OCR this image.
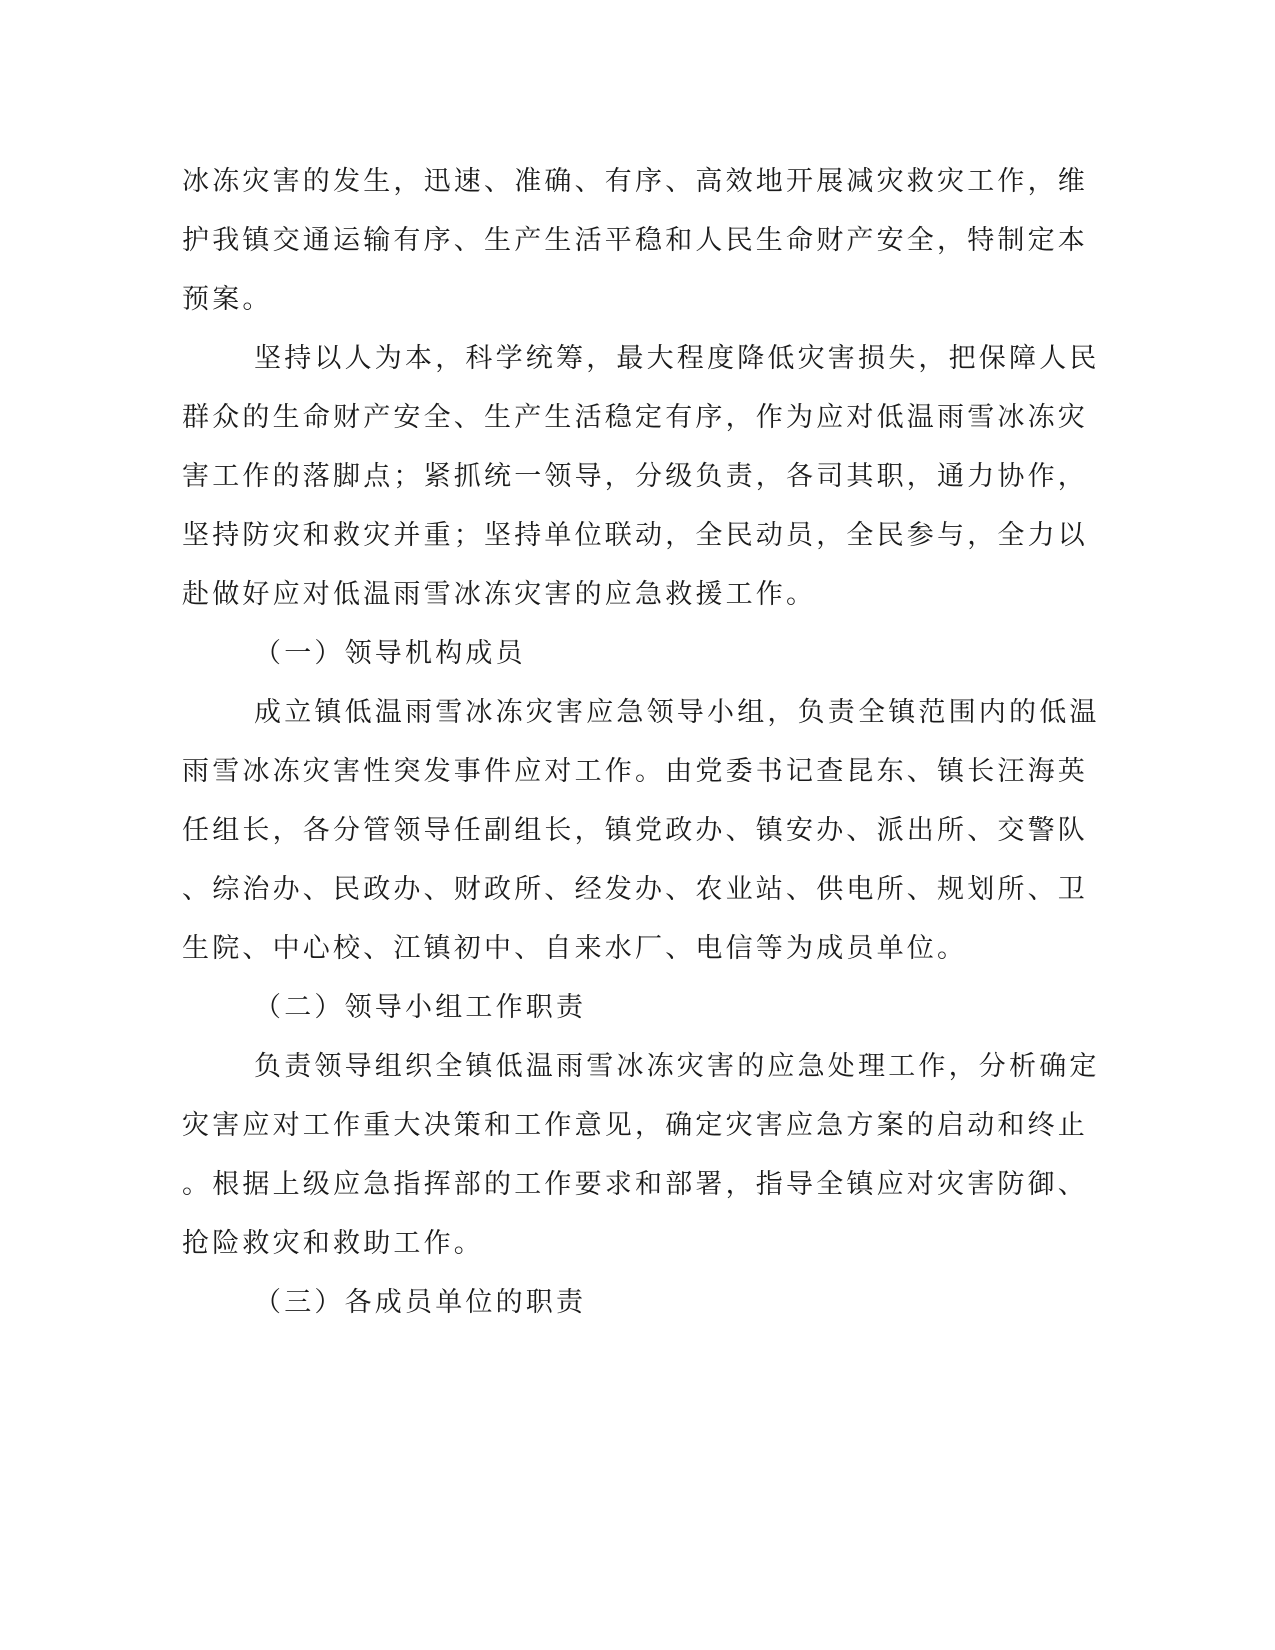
冰冻灾害的发生，迅速、准确、有序、高效地开展减灾救灾工作，维
护我镇交通运输有序、生产生活平稳和人民生命财产安全，特制定本
预案。
坚持以人为本，科学统筹，最大程度降低灾害损失，把保障人民
群众的生命财产安全、生产生活稳定有序，作为应对低温雨雪冰冻灾
害工作的落脚点；紧抓统一领导，分级负责，各司其职，通力协作，
坚持防灾和救灾并重；坚持单位联动，全民动员，全民参与，全力以
赴做好应对低温雨雪冰冻灾害的应急救援工作。
（一）领导机构成员
成立镇低温雨雪冰冻灾害应急领导小组，负责全镇范围内的低温
雨雪冰冻灾害性突发事件应对工作。由党委书记查昆东、镇长汪海英
任组长，各分管领导任副组长，镇党政办、镇安办、派出所、交警队
、综治办、民政办、财政所、经发办、农业站、供电所、规划所、卫
生院、中心校、江镇初中、自来水厂、电信等为成员单位。
（二）领导小组工作职责
负责领导组织全镇低温雨雪冰冻灾害的应急处理工作，分析确定
灾害应对工作重大决策和工作意见，确定灾害应急方案的启动和终止
。根据上级应急指挥部的工作要求和部署，指导全镇应对灾害防御、
抢险救灾和救助工作。
（三）各成员单位的职责
